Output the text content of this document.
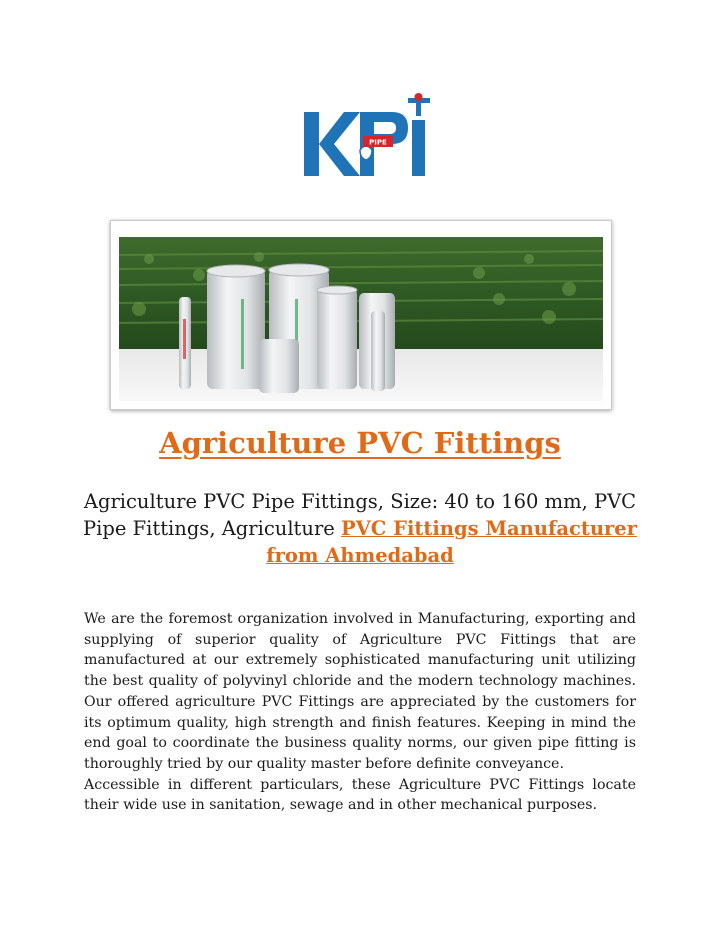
PIPE
Agriculture PVC Fittings
Agriculture PVC Pipe Fittings, Size: 40 to 160 mm, PVC Pipe Fittings, Agriculture PVC Fittings Manufacturer from Ahmedabad

We are the foremost organization involved in Manufacturing, exporting and supplying of superior quality of Agriculture PVC Fittings that are manufactured at our extremely sophisticated manufacturing unit utilizing the best quality of polyvinyl chloride and the modern technology machines. Our offered agriculture PVC Fittings are appreciated by the customers for its optimum quality, high strength and finish features. Keeping in mind the end goal to coordinate the business quality norms, our given pipe fitting is thoroughly tried by our quality master before definite conveyance.

Accessible in different particulars, these Agriculture PVC Fittings locate their wide use in sanitation, sewage and in other mechanical purposes.
